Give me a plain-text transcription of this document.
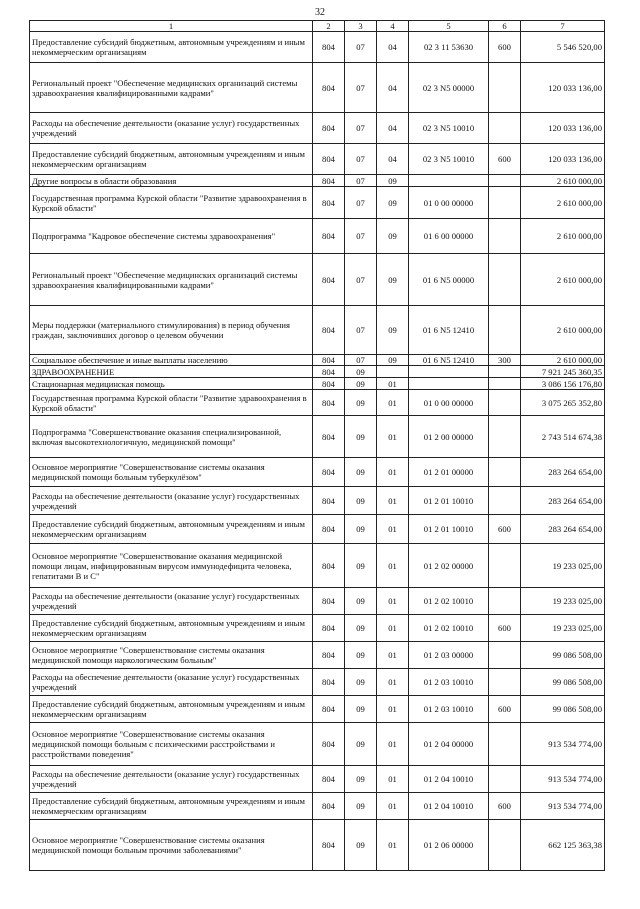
32
1	2	3	4	5	6	7
Предоставление субсидий бюджетным, автономным учреждениям и иным некоммерческим организациям	804	07	04	02 3 11 53630	600	5 546 520,00
Региональный проект "Обеспечение медицинских организаций системы здравоохранения квалифицированными кадрами"	804	07	04	02 3 N5 00000		120 033 136,00
Расходы на обеспечение деятельности (оказание услуг) государственных учреждений	804	07	04	02 3 N5 10010		120 033 136,00
Предоставление субсидий бюджетным, автономным учреждениям и иным некоммерческим организациям	804	07	04	02 3 N5 10010	600	120 033 136,00
Другие вопросы в области образования	804	07	09			2 610 000,00
Государственная программа Курской области "Развитие здравоохранения в Курской области"	804	07	09	01 0 00 00000		2 610 000,00
Подпрограмма "Кадровое обеспечение системы здравоохранения"	804	07	09	01 6 00 00000		2 610 000,00
Региональный проект "Обеспечение медицинских организаций системы здравоохранения квалифицированными кадрами"	804	07	09	01 6 N5 00000		2 610 000,00
Меры поддержки (материального стимулирования) в период обучения граждан, заключивших договор о целевом обучении	804	07	09	01 6 N5 12410		2 610 000,00
Социальное обеспечение и иные выплаты населению	804	07	09	01 6 N5 12410	300	2 610 000,00
ЗДРАВООХРАНЕНИЕ	804	09				7 921 245 360,35
Стационарная медицинская помощь	804	09	01			3 086 156 176,80
Государственная программа Курской области "Развитие здравоохранения в Курской области"	804	09	01	01 0 00 00000		3 075 265 352,80
Подпрограмма "Совершенствование оказания специализированной, включая высокотехнологичную, медицинской помощи"	804	09	01	01 2 00 00000		2 743 514 674,38
Основное мероприятие "Совершенствование системы оказания медицинской помощи больным туберкулёзом"	804	09	01	01 2 01 00000		283 264 654,00
Расходы на обеспечение деятельности (оказание услуг) государственных учреждений	804	09	01	01 2 01 10010		283 264 654,00
Предоставление субсидий бюджетным, автономным учреждениям и иным некоммерческим организациям	804	09	01	01 2 01 10010	600	283 264 654,00
Основное мероприятие "Совершенствование оказания медицинской помощи лицам, инфицированным вирусом иммунодефицита человека, гепатитами В и С"	804	09	01	01 2 02 00000		19 233 025,00
Расходы на обеспечение деятельности (оказание услуг) государственных учреждений	804	09	01	01 2 02 10010		19 233 025,00
Предоставление субсидий бюджетным, автономным учреждениям и иным некоммерческим организациям	804	09	01	01 2 02 10010	600	19 233 025,00
Основное мероприятие "Совершенствование системы оказания медицинской помощи наркологическим больным"	804	09	01	01 2 03 00000		99 086 508,00
Расходы на обеспечение деятельности (оказание услуг) государственных учреждений	804	09	01	01 2 03 10010		99 086 508,00
Предоставление субсидий бюджетным, автономным учреждениям и иным некоммерческим организациям	804	09	01	01 2 03 10010	600	99 086 508,00
Основное мероприятие "Совершенствование системы оказания медицинской помощи больным с психическими расстройствами и расстройствами поведения"	804	09	01	01 2 04 00000		913 534 774,00
Расходы на обеспечение деятельности (оказание услуг) государственных учреждений	804	09	01	01 2 04 10010		913 534 774,00
Предоставление субсидий бюджетным, автономным учреждениям и иным некоммерческим организациям	804	09	01	01 2 04 10010	600	913 534 774,00
Основное мероприятие "Совершенствование системы оказания медицинской помощи больным прочими заболеваниями"	804	09	01	01 2 06 00000		662 125 363,38
